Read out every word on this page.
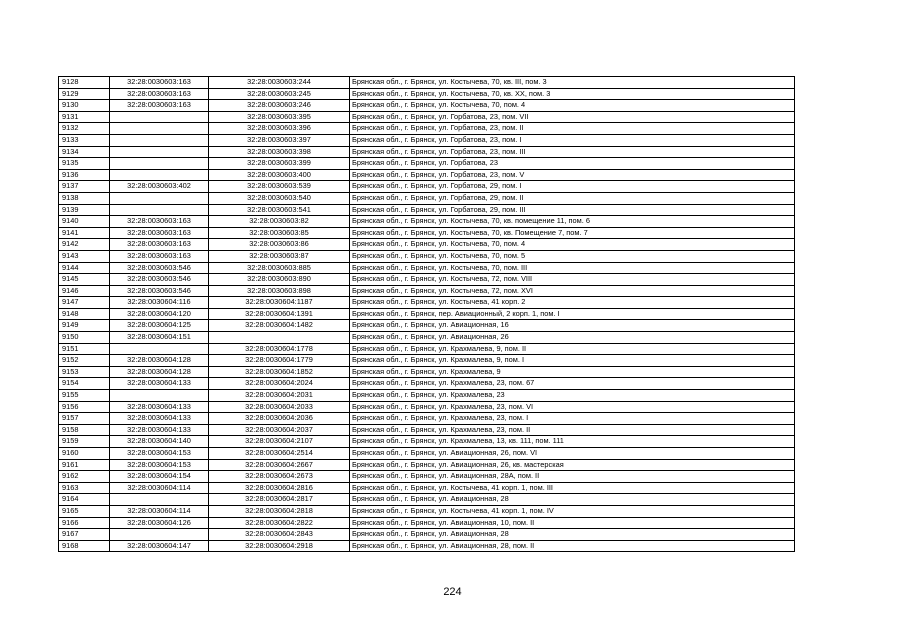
9128	32:28:0030603:163	32:28:0030603:244	Брянская обл., г. Брянск, ул. Костычева, 70, кв. III, пом. 3
9129	32:28:0030603:163	32:28:0030603:245	Брянская обл., г. Брянск, ул. Костычева, 70, кв. XX, пом. 3
9130	32:28:0030603:163	32:28:0030603:246	Брянская обл., г. Брянск, ул. Костычева, 70, пом. 4
9131		32:28:0030603:395	Брянская обл., г. Брянск, ул. Горбатова, 23, пом. VII
9132		32:28:0030603:396	Брянская обл., г. Брянск, ул. Горбатова, 23, пом. II
9133		32:28:0030603:397	Брянская обл., г. Брянск, ул. Горбатова, 23, пом. I
9134		32:28:0030603:398	Брянская обл., г. Брянск, ул. Горбатова, 23, пом. III
9135		32:28:0030603:399	Брянская обл., г. Брянск, ул. Горбатова, 23
9136		32:28:0030603:400	Брянская обл., г. Брянск, ул. Горбатова, 23, пом. V
9137	32:28:0030603:402	32:28:0030603:539	Брянская обл., г. Брянск, ул. Горбатова, 29, пом. I
9138		32:28:0030603:540	Брянская обл., г. Брянск, ул. Горбатова, 29, пом. II
9139		32:28:0030603:541	Брянская обл., г. Брянск, ул. Горбатова, 29, пом. III
9140	32:28:0030603:163	32:28:0030603:82	Брянская обл., г. Брянск, ул. Костычева, 70, кв. помещение 11, пом. 6
9141	32:28:0030603:163	32:28:0030603:85	Брянская обл., г. Брянск, ул. Костычева, 70, кв. Помещение 7, пом. 7
9142	32:28:0030603:163	32:28:0030603:86	Брянская обл., г. Брянск, ул. Костычева, 70, пом. 4
9143	32:28:0030603:163	32:28:0030603:87	Брянская обл., г. Брянск, ул. Костычева, 70, пом. 5
9144	32:28:0030603:546	32:28:0030603:885	Брянская обл., г. Брянск, ул. Костычева, 70, пом. III
9145	32:28:0030603:546	32:28:0030603:890	Брянская обл., г. Брянск, ул. Костычева, 72, пом. VIII
9146	32:28:0030603:546	32:28:0030603:898	Брянская обл., г. Брянск, ул. Костычева, 72, пом. XVI
9147	32:28:0030604:116	32:28:0030604:1187	Брянская обл., г. Брянск, ул. Костычева, 41 корп. 2
9148	32:28:0030604:120	32:28:0030604:1391	Брянская обл., г. Брянск, пер. Авиационный, 2 корп. 1, пом. I
9149	32:28:0030604:125	32:28:0030604:1482	Брянская обл., г. Брянск, ул. Авиационная, 16
9150	32:28:0030604:151		Брянская обл., г. Брянск, ул. Авиационная, 26
9151		32:28:0030604:1778	Брянская обл., г. Брянск, ул. Крахмалева, 9, пом. II
9152	32:28:0030604:128	32:28:0030604:1779	Брянская обл., г. Брянск, ул. Крахмалева, 9, пом. I
9153	32:28:0030604:128	32:28:0030604:1852	Брянская обл., г. Брянск, ул. Крахмалева, 9
9154	32:28:0030604:133	32:28:0030604:2024	Брянская обл., г. Брянск, ул. Крахмалева, 23, пом. 67
9155		32:28:0030604:2031	Брянская обл., г. Брянск, ул. Крахмалева, 23
9156	32:28:0030604:133	32:28:0030604:2033	Брянская обл., г. Брянск, ул. Крахмалева, 23, пом. VI
9157	32:28:0030604:133	32:28:0030604:2036	Брянская обл., г. Брянск, ул. Крахмалева, 23, пом. I
9158	32:28:0030604:133	32:28:0030604:2037	Брянская обл., г. Брянск, ул. Крахмалева, 23, пом. II
9159	32:28:0030604:140	32:28:0030604:2107	Брянская обл., г. Брянск, ул. Крахмалева, 13, кв. 111, пом. 111
9160	32:28:0030604:153	32:28:0030604:2514	Брянская обл., г. Брянск, ул. Авиационная, 26, пом. VI
9161	32:28:0030604:153	32:28:0030604:2667	Брянская обл., г. Брянск, ул. Авиационная, 26, кв. мастерская
9162	32:28:0030604:154	32:28:0030604:2673	Брянская обл., г. Брянск, ул. Авиационная, 28А, пом. II
9163	32:28:0030604:114	32:28:0030604:2816	Брянская обл., г. Брянск, ул. Костычева, 41 корп. 1, пом. III
9164		32:28:0030604:2817	Брянская обл., г. Брянск, ул. Авиационная, 28
9165	32:28:0030604:114	32:28:0030604:2818	Брянская обл., г. Брянск, ул. Костычева, 41 корп. 1, пом. IV
9166	32:28:0030604:126	32:28:0030604:2822	Брянская обл., г. Брянск, ул. Авиационная, 10, пом. II
9167		32:28:0030604:2843	Брянская обл., г. Брянск, ул. Авиационная, 28
9168	32:28:0030604:147	32:28:0030604:2918	Брянская обл., г. Брянск, ул. Авиационная, 28, пом. II
224
